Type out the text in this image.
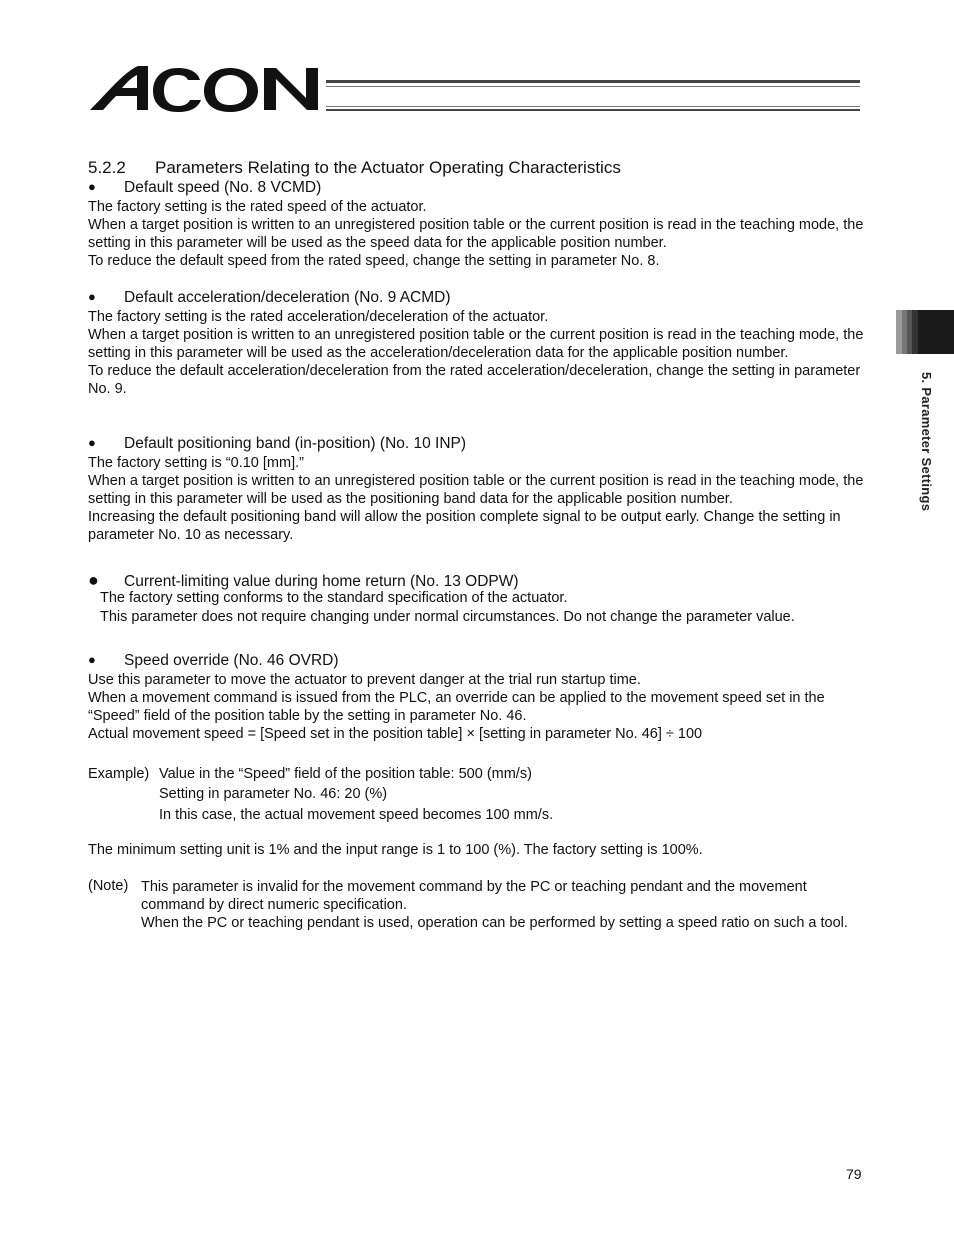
5. Parameter Settings
5.2.2 Parameters Relating to the Actuator Operating Characteristics
● Default speed (No. 8 VCMD)

The factory setting is the rated speed of the actuator.

When a target position is written to an unregistered position table or the current position is read in the teaching mode, the setting in this parameter will be used as the speed data for the applicable position number.

To reduce the default speed from the rated speed, change the setting in parameter No. 8.

● Default acceleration/deceleration (No. 9 ACMD)

The factory setting is the rated acceleration/deceleration of the actuator.

When a target position is written to an unregistered position table or the current position is read in the teaching mode, the setting in this parameter will be used as the acceleration/deceleration data for the applicable position number.

To reduce the default acceleration/deceleration from the rated acceleration/deceleration, change the setting in parameter No. 9.

● Default positioning band (in-position) (No. 10 INP)

The factory setting is “0.10 [mm].”

When a target position is written to an unregistered position table or the current position is read in the teaching mode, the setting in this parameter will be used as the positioning band data for the applicable position number.

Increasing the default positioning band will allow the position complete signal to be output early. Change the setting in parameter No. 10 as necessary.

● Current-limiting value during home return (No. 13 ODPW)

The factory setting conforms to the standard specification of the actuator.

This parameter does not require changing under normal circumstances. Do not change the parameter value.

● Speed override (No. 46 OVRD)

Use this parameter to move the actuator to prevent danger at the trial run startup time.

When a movement command is issued from the PLC, an override can be applied to the movement speed set in the “Speed” field of the position table by the setting in parameter No. 46.

Actual movement speed = [Speed set in the position table] × [setting in parameter No. 46] ÷ 100

Example) Value in the “Speed” field of the position table: 500 (mm/s)
Setting in parameter No. 46: 20 (%)
In this case, the actual movement speed becomes 100 mm/s.
The minimum setting unit is 1% and the input range is 1 to 100 (%). The factory setting is 100%.
(Note) This parameter is invalid for the movement command by the PC or teaching pendant and the movement command by direct numeric specification.

When the PC or teaching pendant is used, operation can be performed by setting a speed ratio on such a tool.

79
